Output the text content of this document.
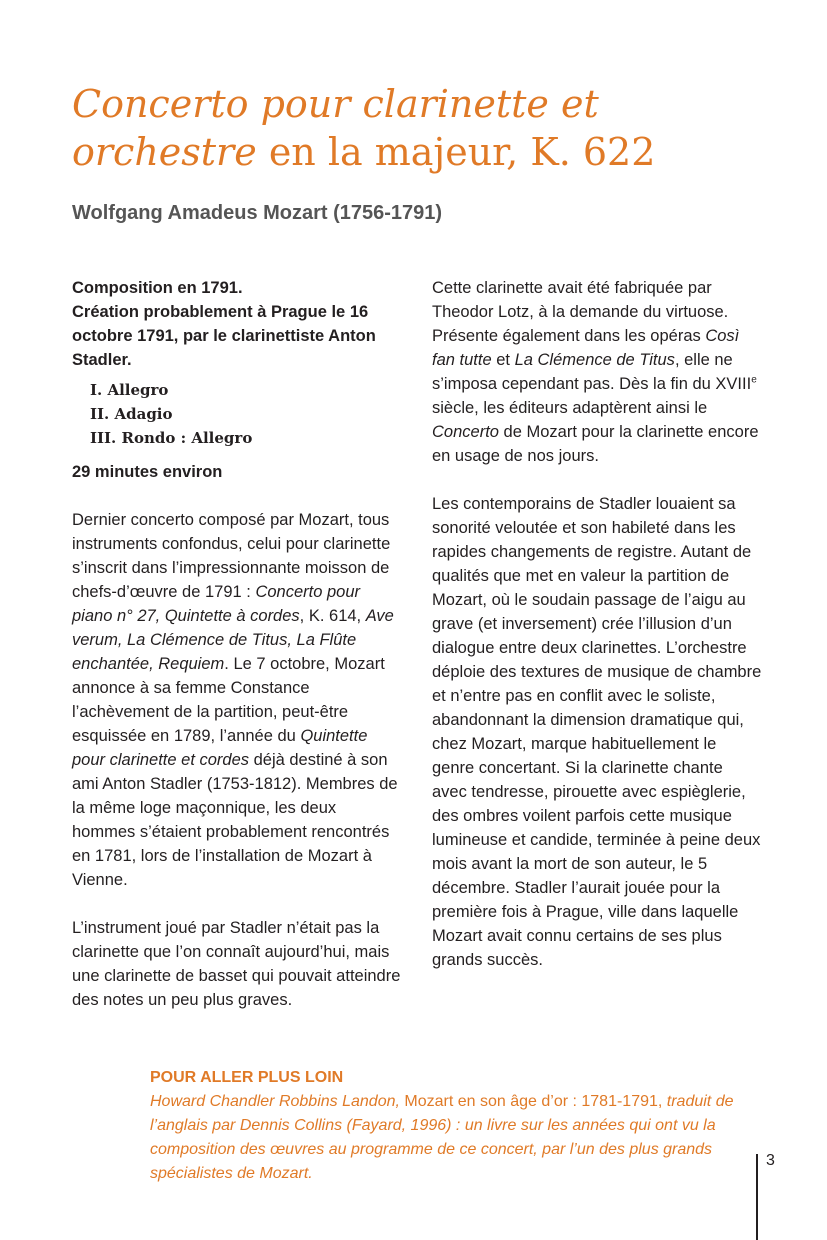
Concerto pour clarinette et orchestre en la majeur, K. 622
Wolfgang Amadeus Mozart (1756-1791)

Composition en 1791.

Création probablement à Prague le 16 octobre 1791, par le clarinettiste Anton Stadler.

I. Allegro
II. Adagio
III. Rondo : Allegro

29 minutes environ

Dernier concerto composé par Mozart, tous instruments confondus, celui pour clarinette s’inscrit dans l’impressionnante moisson de chefs-d’œuvre de 1791 : Concerto pour piano n° 27, Quintette à cordes, K. 614, Ave verum, La Clémence de Titus, La Flûte enchantée, Requiem. Le 7 octobre, Mozart annonce à sa femme Constance l’achèvement de la partition, peut-être esquissée en 1789, l’année du Quintette pour clarinette et cordes déjà destiné à son ami Anton Stadler (1753-1812). Membres de la même loge maçonnique, les deux hommes s’étaient probablement rencontrés en 1781, lors de l’installation de Mozart à Vienne.

L’instrument joué par Stadler n’était pas la clarinette que l’on connaît aujourd’hui, mais une clarinette de basset qui pouvait atteindre des notes un peu plus graves.

Cette clarinette avait été fabriquée par Theodor Lotz, à la demande du virtuose. Présente également dans les opéras Così fan tutte et La Clémence de Titus, elle ne s’imposa cependant pas. Dès la fin du XVIIIe siècle, les éditeurs adaptèrent ainsi le Concerto de Mozart pour la clarinette encore en usage de nos jours.

Les contemporains de Stadler louaient sa sonorité veloutée et son habileté dans les rapides changements de registre. Autant de qualités que met en valeur la partition de Mozart, où le soudain passage de l’aigu au grave (et inversement) crée l’illusion d’un dialogue entre deux clarinettes. L’orchestre déploie des textures de musique de chambre et n’entre pas en conflit avec le soliste, abandonnant la dimension dramatique qui, chez Mozart, marque habituellement le genre concertant. Si la clarinette chante avec tendresse, pirouette avec espièglerie, des ombres voilent parfois cette musique lumineuse et candide, terminée à peine deux mois avant la mort de son auteur, le 5 décembre. Stadler l’aurait jouée pour la première fois à Prague, ville dans laquelle Mozart avait connu certains de ses plus grands succès.

POUR ALLER PLUS LOIN

Howard Chandler Robbins Landon, Mozart en son âge d’or : 1781-1791, traduit de l’anglais par Dennis Collins (Fayard, 1996) : un livre sur les années qui ont vu la composition des œuvres au programme de ce concert, par l’un des plus grands spécialistes de Mozart.

3
